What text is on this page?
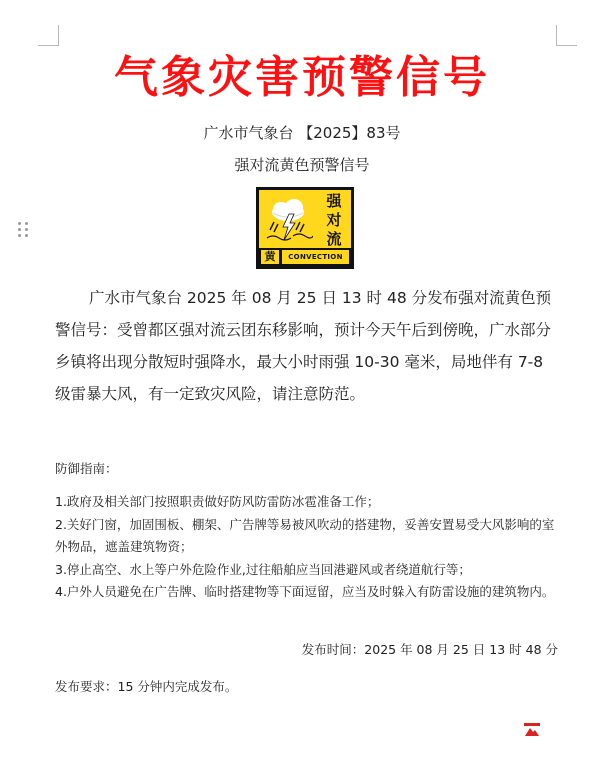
气象灾害预警信号
广水市气象台 【2025】83号
强对流黄色预警信号
强
对
流
黄	CONVECTION

广水市气象台 2025 年 08 月 25 日 13 时 48 分发布强对流黄色预警信号：受曾都区强对流云团东移影响，预计今天午后到傍晚，广水部分乡镇将出现分散短时强降水，最大小时雨强 10-30 毫米，局地伴有 7-8 级雷暴大风，有一定致灾风险，请注意防范。

防御指南：
1.政府及相关部门按照职责做好防风防雷防冰雹准备工作；
2.关好门窗，加固围板、棚架、广告牌等易被风吹动的搭建物，妥善安置易受大风影响的室外物品，遮盖建筑物资；
3.停止高空、水上等户外危险作业,过往船舶应当回港避风或者绕道航行等；
4.户外人员避免在广告牌、临时搭建物等下面逗留，应当及时躲入有防雷设施的建筑物内。
发布时间：2025 年 08 月 25 日 13 时 48 分
发布要求：15 分钟内完成发布。
